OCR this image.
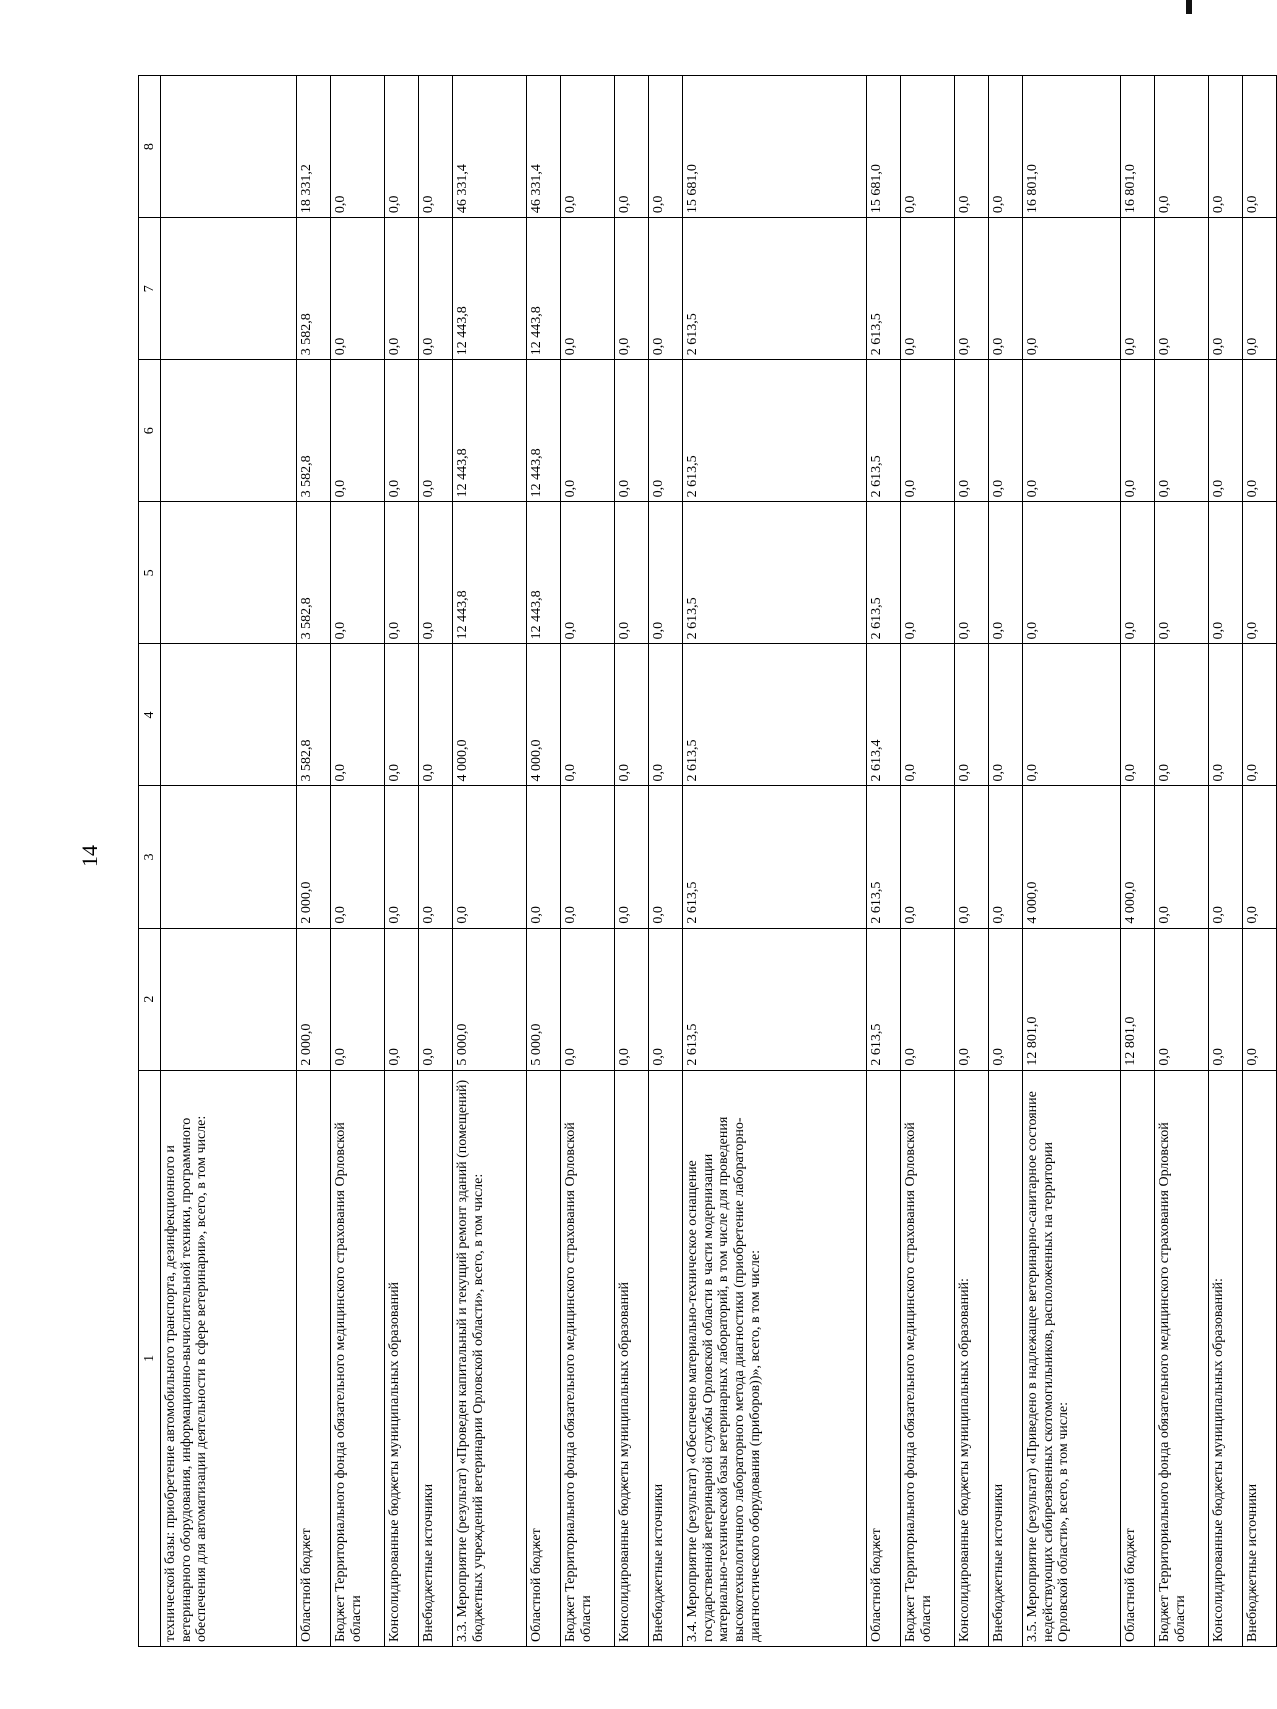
14
1	2	3	4	5	6	7	8
технической базы: приобретение автомобильного транспорта, дезинфекционного и ветеринарного оборудования, информационно-вычислительной техники, программного обеспечения для автоматизации деятельности в сфере ветеринарии», всего, в том числе:							
Областной бюджет	2 000,0	2 000,0	3 582,8	3 582,8	3 582,8	3 582,8	18 331,2
Бюджет Территориального фонда обязательного медицинского страхования Орловской области	0,0	0,0	0,0	0,0	0,0	0,0	0,0
Консолидированные бюджеты муниципальных образований	0,0	0,0	0,0	0,0	0,0	0,0	0,0
Внебюджетные источники	0,0	0,0	0,0	0,0	0,0	0,0	0,0
3.3. Мероприятие (результат) «Проведен капитальный и текущий ремонт зданий (помещений) бюджетных учреждений ветеринарии Орловской области», всего, в том числе:	5 000,0	0,0	4 000,0	12 443,8	12 443,8	12 443,8	46 331,4
Областной бюджет	5 000,0	0,0	4 000,0	12 443,8	12 443,8	12 443,8	46 331,4
Бюджет Территориального фонда обязательного медицинского страхования Орловской области	0,0	0,0	0,0	0,0	0,0	0,0	0,0
Консолидированные бюджеты муниципальных образований	0,0	0,0	0,0	0,0	0,0	0,0	0,0
Внебюджетные источники	0,0	0,0	0,0	0,0	0,0	0,0	0,0
3.4. Мероприятие (результат) «Обеспечено материально-техническое оснащение государственной ветеринарной службы Орловской области в части модернизации материально-технической базы ветеринарных лабораторий, в том числе для проведения высокотехнологичного лабораторного метода диагностики (приобретение лабораторно-диагностического оборудования (приборов))», всего, в том числе:	2 613,5	2 613,5	2 613,5	2 613,5	2 613,5	2 613,5	15 681,0
Областной бюджет	2 613,5	2 613,5	2 613,4	2 613,5	2 613,5	2 613,5	15 681,0
Бюджет Территориального фонда обязательного медицинского страхования Орловской области	0,0	0,0	0,0	0,0	0,0	0,0	0,0
Консолидированные бюджеты муниципальных образований:	0,0	0,0	0,0	0,0	0,0	0,0	0,0
Внебюджетные источники	0,0	0,0	0,0	0,0	0,0	0,0	0,0
3.5. Мероприятие (результат) «Приведено в надлежащее ветеринарно-санитарное состояние недействующих сибиреязвенных скотомогильников, расположенных на территории Орловской области», всего, в том числе:	12 801,0	4 000,0	0,0	0,0	0,0	0,0	16 801,0
Областной бюджет	12 801,0	4 000,0	0,0	0,0	0,0	0,0	16 801,0
Бюджет Территориального фонда обязательного медицинского страхования Орловской области	0,0	0,0	0,0	0,0	0,0	0,0	0,0
Консолидированные бюджеты муниципальных образований:	0,0	0,0	0,0	0,0	0,0	0,0	0,0
Внебюджетные источники	0,0	0,0	0,0	0,0	0,0	0,0	0,0
